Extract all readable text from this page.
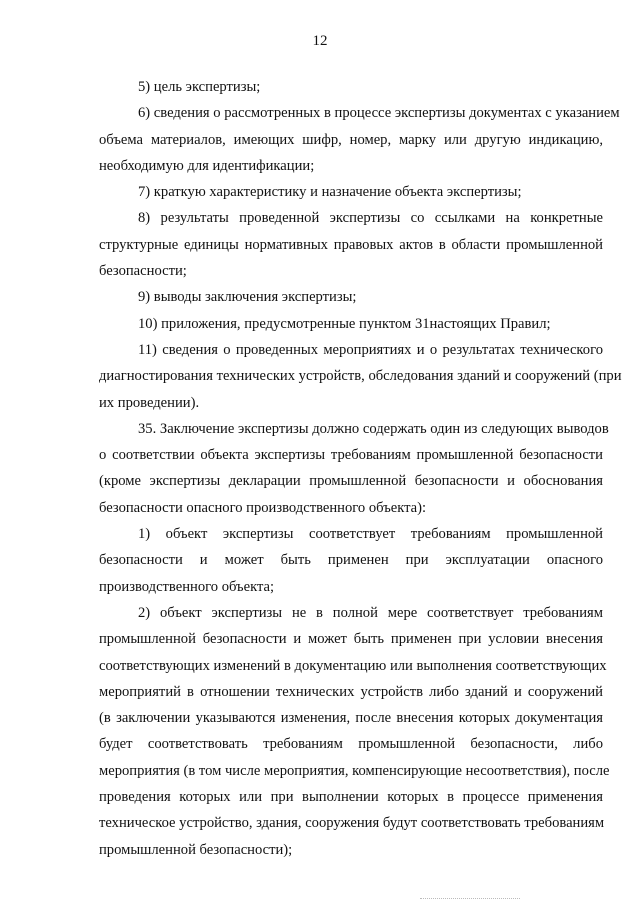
12
5) цель экспертизы;
6) сведения о рассмотренных в процессе экспертизы документах с указанием
объема материалов, имеющих шифр, номер, марку или другую индикацию,
необходимую для идентификации;
7) краткую характеристику и назначение объекта экспертизы;
8) результаты проведенной экспертизы со ссылками на конкретные
структурные единицы нормативных правовых актов в области промышленной
безопасности;
9) выводы заключения экспертизы;
10) приложения, предусмотренные пунктом 31настоящих Правил;
11) сведения о проведенных мероприятиях и о результатах технического
диагностирования технических устройств, обследования зданий и сооружений (при
их проведении).
35. Заключение экспертизы должно содержать один из следующих выводов
о соответствии объекта экспертизы требованиям промышленной безопасности
(кроме экспертизы декларации промышленной безопасности и обоснования
безопасности опасного производственного объекта):
1) объект экспертизы соответствует требованиям промышленной
безопасности и может быть применен при эксплуатации опасного
производственного объекта;
2) объект экспертизы не в полной мере соответствует требованиям
промышленной безопасности и может быть применен при условии внесения
соответствующих изменений в документацию или выполнения соответствующих
мероприятий в отношении технических устройств либо зданий и сооружений
(в заключении указываются изменения, после внесения которых документация
будет соответствовать требованиям промышленной безопасности, либо
мероприятия (в том числе мероприятия, компенсирующие несоответствия), после
проведения которых или при выполнении которых в процессе применения
техническое устройство, здания, сооружения будут соответствовать требованиям
промышленной безопасности);
